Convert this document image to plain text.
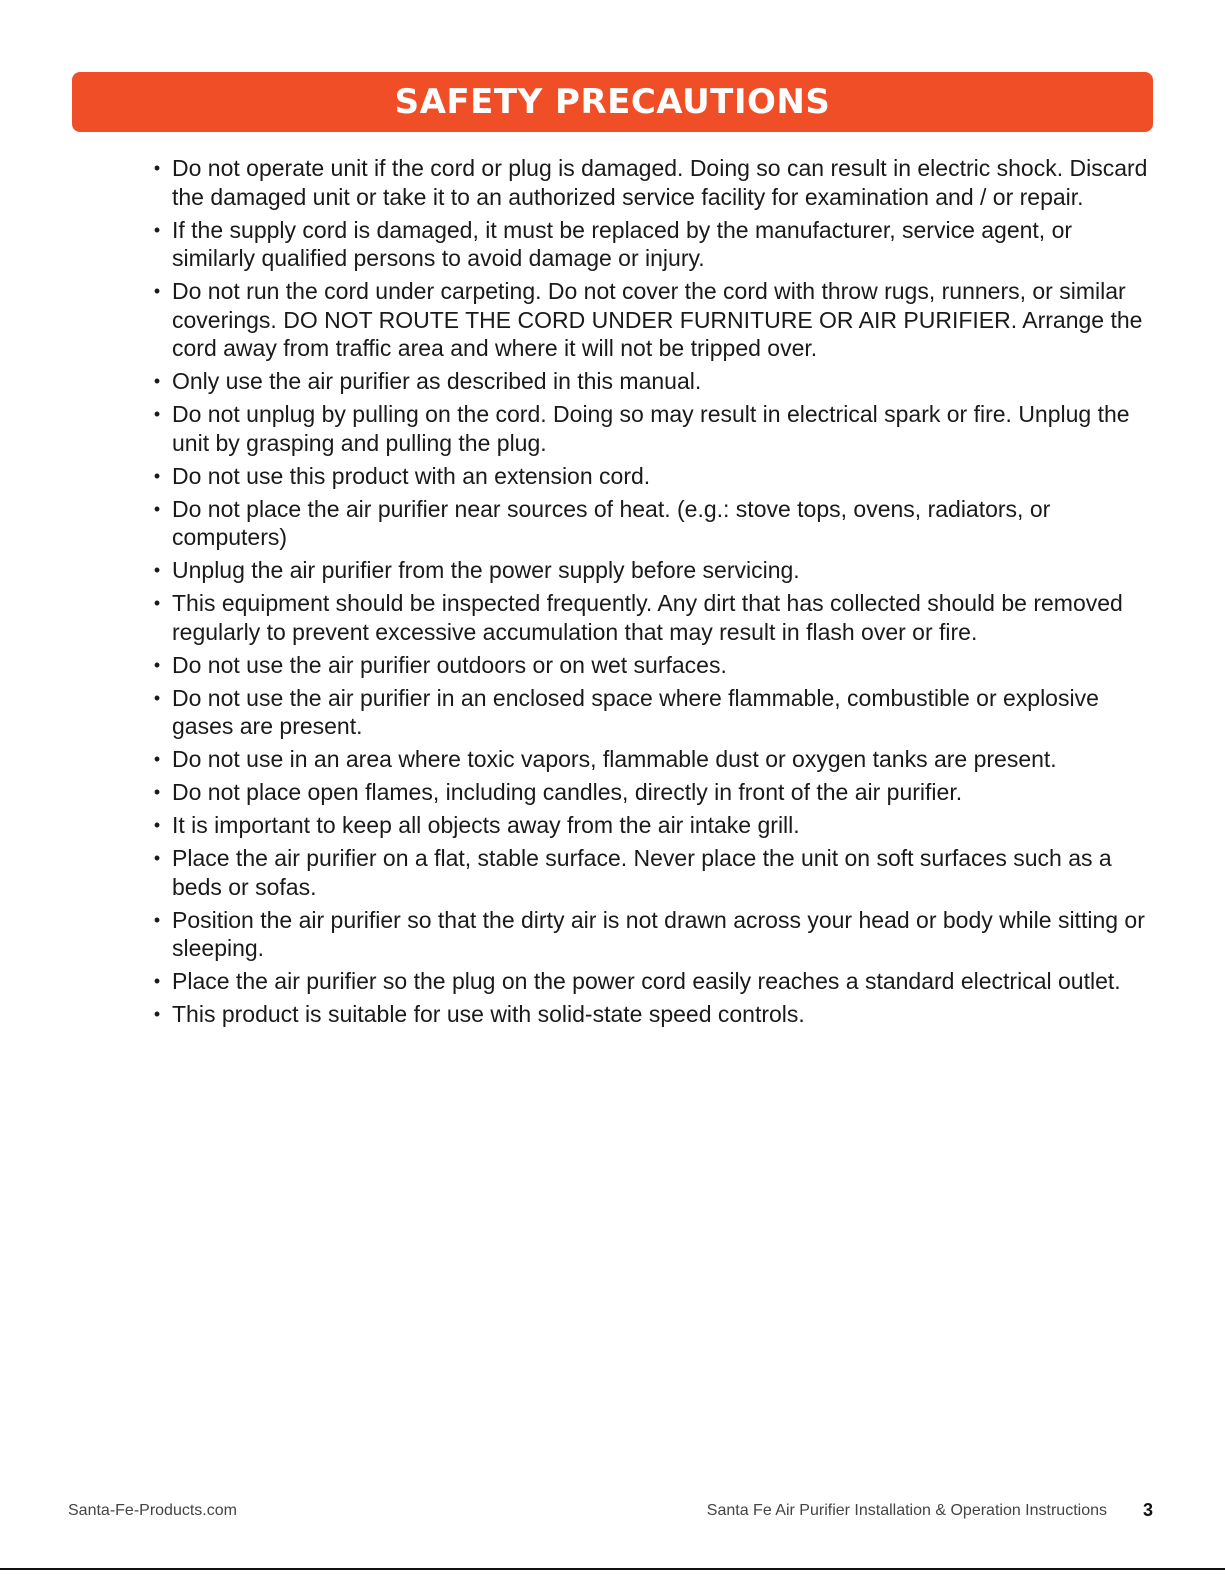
SAFETY PRECAUTIONS
• Do not operate unit if the cord or plug is damaged. Doing so can result in electric shock. Discard the damaged unit or take it to an authorized service facility for examination and / or repair.
• If the supply cord is damaged, it must be replaced by the manufacturer, service agent, or similarly qualified persons to avoid damage or injury.
• Do not run the cord under carpeting. Do not cover the cord with throw rugs, runners, or similar coverings. DO NOT ROUTE THE CORD UNDER FURNITURE OR AIR PURIFIER. Arrange the cord away from traffic area and where it will not be tripped over.
• Only use the air purifier as described in this manual.
• Do not unplug by pulling on the cord. Doing so may result in electrical spark or fire. Unplug the unit by grasping and pulling the plug.
• Do not use this product with an extension cord.
• Do not place the air purifier near sources of heat. (e.g.: stove tops, ovens, radiators, or computers)
• Unplug the air purifier from the power supply before servicing.
• This equipment should be inspected frequently. Any dirt that has collected should be removed regularly to prevent excessive accumulation that may result in flash over or fire.
• Do not use the air purifier outdoors or on wet surfaces.
• Do not use the air purifier in an enclosed space where flammable, combustible or explosive gases are present.
• Do not use in an area where toxic vapors, flammable dust or oxygen tanks are present.
• Do not place open flames, including candles, directly in front of the air purifier.
• It is important to keep all objects away from the air intake grill.
• Place the air purifier on a flat, stable surface. Never place the unit on soft surfaces such as a beds or sofas.
• Position the air purifier so that the dirty air is not drawn across your head or body while sitting or sleeping.
• Place the air purifier so the plug on the power cord easily reaches a standard electrical outlet.
• This product is suitable for use with solid-state speed controls.
Santa-Fe-Products.com	Santa Fe Air Purifier Installation & Operation Instructions 3
